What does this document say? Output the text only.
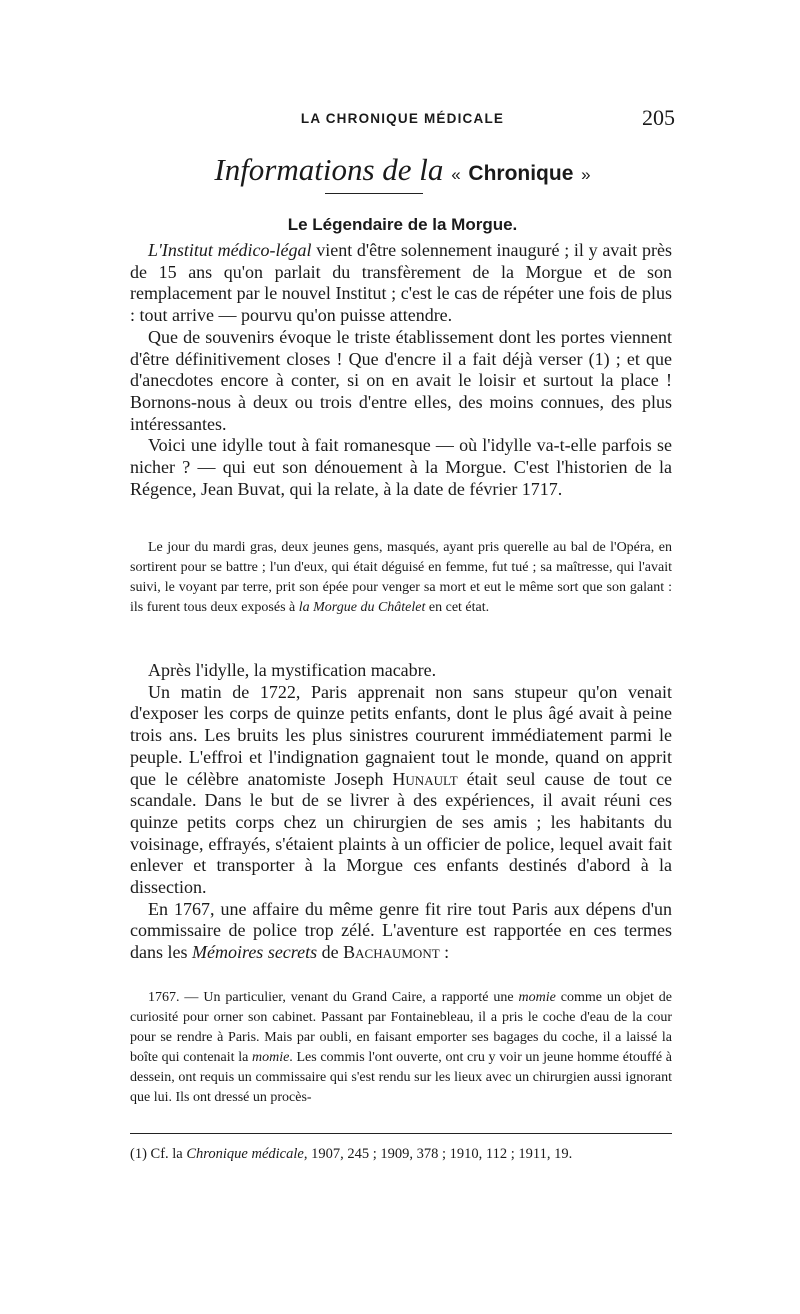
LA CHRONIQUE MÉDICALE	205
Informations de la « Chronique »
Le Légendaire de la Morgue.

L'Institut médico-légal vient d'être solennement inauguré ; il y avait près de 15 ans qu'on parlait du transfèrement de la Morgue et de son remplacement par le nouvel Institut ; c'est le cas de répéter une fois de plus : tout arrive — pourvu qu'on puisse attendre.

Que de souvenirs évoque le triste établissement dont les portes viennent d'être définitivement closes ! Que d'encre il a fait déjà verser (1) ; et que d'anecdotes encore à conter, si on en avait le loisir et surtout la place ! Bornons-nous à deux ou trois d'entre elles, des moins connues, des plus intéressantes.

Voici une idylle tout à fait romanesque — où l'idylle va-t-elle parfois se nicher ? — qui eut son dénouement à la Morgue. C'est l'historien de la Régence, Jean Buvat, qui la relate, à la date de février 1717.

Le jour du mardi gras, deux jeunes gens, masqués, ayant pris querelle au bal de l'Opéra, en sortirent pour se battre ; l'un d'eux, qui était déguisé en femme, fut tué ; sa maîtresse, qui l'avait suivi, le voyant par terre, prit son épée pour venger sa mort et eut le même sort que son galant : ils furent tous deux exposés à la Morgue du Châtelet en cet état.

Après l'idylle, la mystification macabre.

Un matin de 1722, Paris apprenait non sans stupeur qu'on venait d'exposer les corps de quinze petits enfants, dont le plus âgé avait à peine trois ans. Les bruits les plus sinistres coururent immédiatement parmi le peuple. L'effroi et l'indignation gagnaient tout le monde, quand on apprit que le célèbre anatomiste Joseph Hunault était seul cause de tout ce scandale. Dans le but de se livrer à des expériences, il avait réuni ces quinze petits corps chez un chirurgien de ses amis ; les habitants du voisinage, effrayés, s'étaient plaints à un officier de police, lequel avait fait enlever et transporter à la Morgue ces enfants destinés d'abord à la dissection.

En 1767, une affaire du même genre fit rire tout Paris aux dépens d'un commissaire de police trop zélé. L'aventure est rapportée en ces termes dans les Mémoires secrets de Bachaumont :

1767. — Un particulier, venant du Grand Caire, a rapporté une momie comme un objet de curiosité pour orner son cabinet. Passant par Fontainebleau, il a pris le coche d'eau de la cour pour se rendre à Paris. Mais par oubli, en faisant emporter ses bagages du coche, il a laissé la boîte qui contenait la momie. Les commis l'ont ouverte, ont cru y voir un jeune homme étouffé à dessein, ont requis un commissaire qui s'est rendu sur les lieux avec un chirurgien aussi ignorant que lui. Ils ont dressé un procès-

(1) Cf. la Chronique médicale, 1907, 245 ; 1909, 378 ; 1910, 112 ; 1911, 19.
